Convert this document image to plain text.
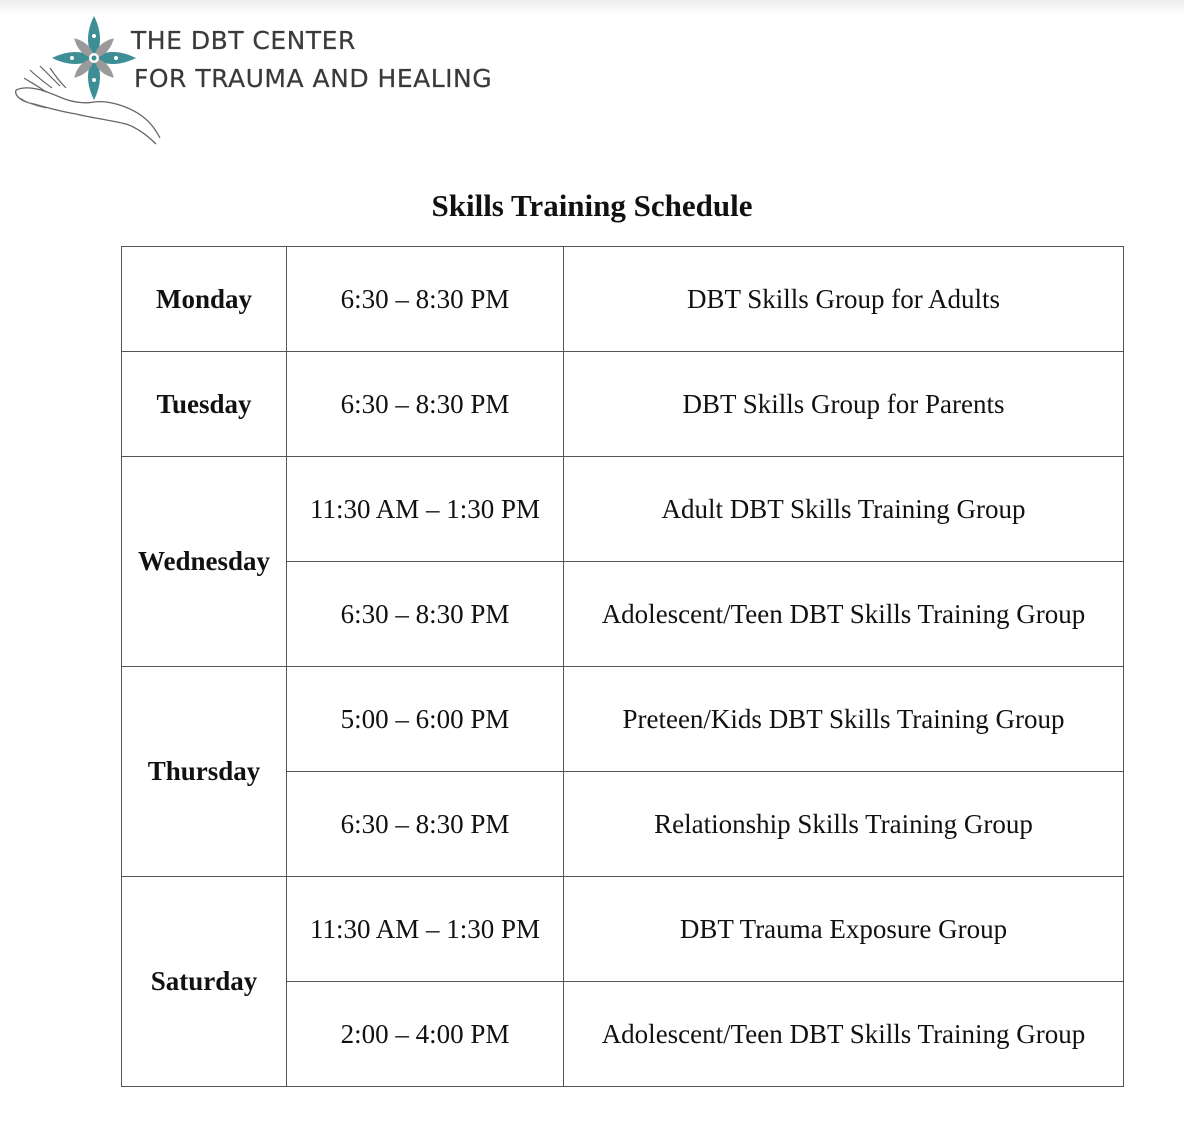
THE DBT CENTER
FOR TRAUMA AND HEALING
Skills Training Schedule
Monday	6:30 – 8:30 PM	DBT Skills Group for Adults
Tuesday	6:30 – 8:30 PM	DBT Skills Group for Parents
Wednesday	11:30 AM – 1:30 PM	Adult DBT Skills Training Group
	6:30 – 8:30 PM	Adolescent/Teen DBT Skills Training Group
Thursday	5:00 – 6:00 PM	Preteen/Kids DBT Skills Training Group
	6:30 – 8:30 PM	Relationship Skills Training Group
Saturday	11:30 AM – 1:30 PM	DBT Trauma Exposure Group
	2:00 – 4:00 PM	Adolescent/Teen DBT Skills Training Group
